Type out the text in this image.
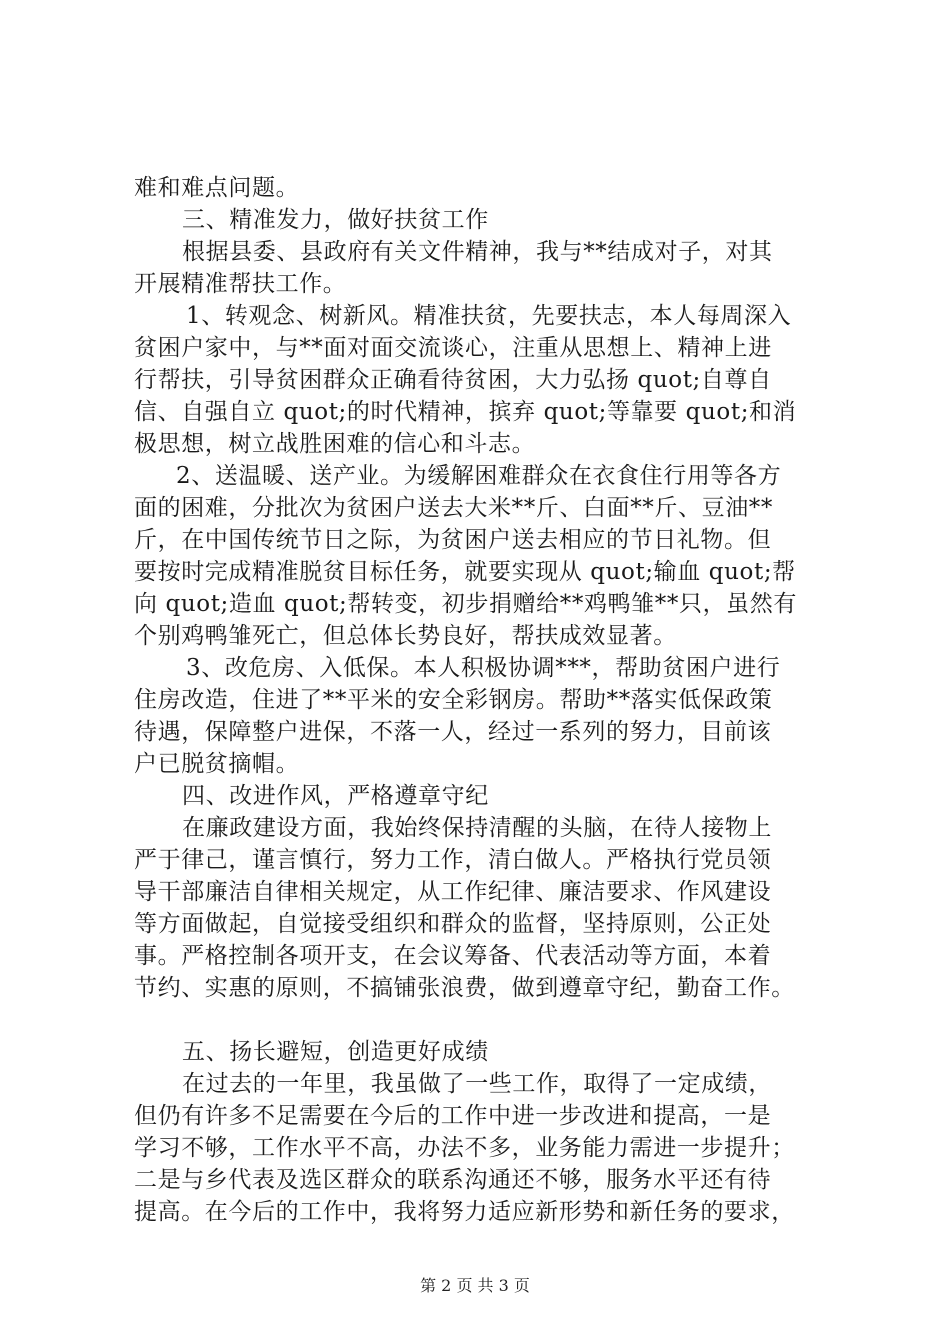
难和难点问题。
三、精准发力，做好扶贫工作
根据县委、县政府有关文件精神，我与**结成对子，对其
开展精准帮扶工作。
1、转观念、树新风。精准扶贫，先要扶志，本人每周深入
贫困户家中，与**面对面交流谈心，注重从思想上、精神上进
行帮扶，引导贫困群众正确看待贫困，大力弘扬 quot;自尊自
信、自强自立 quot;的时代精神，摈弃 quot;等靠要 quot;和消
极思想，树立战胜困难的信心和斗志。
2、送温暖、送产业。为缓解困难群众在衣食住行用等各方
面的困难，分批次为贫困户送去大米**斤、白面**斤、豆油**
斤，在中国传统节日之际，为贫困户送去相应的节日礼物。但
要按时完成精准脱贫目标任务，就要实现从 quot;输血 quot;帮
向 quot;造血 quot;帮转变，初步捐赠给**鸡鸭雏**只，虽然有
个别鸡鸭雏死亡，但总体长势良好，帮扶成效显著。
3、改危房、入低保。本人积极协调***，帮助贫困户进行
住房改造，住进了**平米的安全彩钢房。帮助**落实低保政策
待遇，保障整户进保，不落一人，经过一系列的努力，目前该
户已脱贫摘帽。
四、改进作风，严格遵章守纪
在廉政建设方面，我始终保持清醒的头脑，在待人接物上
严于律己，谨言慎行，努力工作，清白做人。严格执行党员领
导干部廉洁自律相关规定，从工作纪律、廉洁要求、作风建设
等方面做起，自觉接受组织和群众的监督，坚持原则，公正处
事。严格控制各项开支，在会议筹备、代表活动等方面，本着
节约、实惠的原则，不搞铺张浪费，做到遵章守纪，勤奋工作。
五、扬长避短，创造更好成绩
在过去的一年里，我虽做了一些工作，取得了一定成绩，
但仍有许多不足需要在今后的工作中进一步改进和提高，一是
学习不够，工作水平不高，办法不多，业务能力需进一步提升；
二是与乡代表及选区群众的联系沟通还不够，服务水平还有待
提高。在今后的工作中，我将努力适应新形势和新任务的要求，
第 2 页 共 3 页
